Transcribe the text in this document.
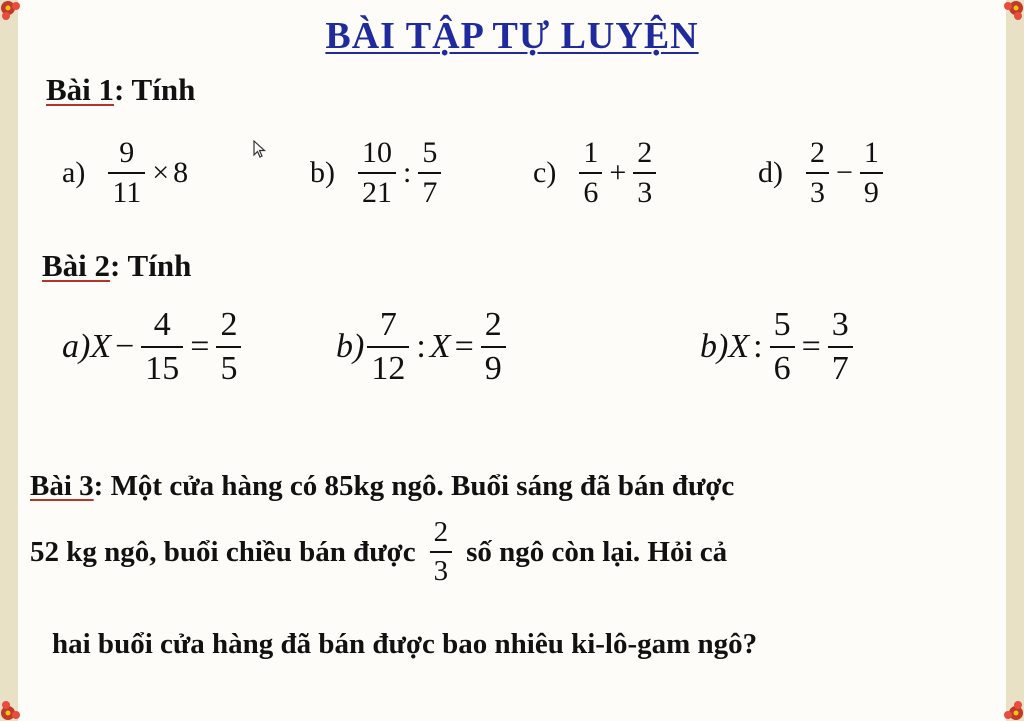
BÀI TẬP TỰ LUYỆN
Bài 1: Tính
$a) \frac{9}{11} \times 8$	$b) \frac{10}{21}$ : $\frac{5}{7}$	$c) \frac{1}{6} + \frac{2}{3}$	$d) \frac{2}{3} - \frac{1}{9}$
Bài 2: Tính
a) $X - \frac{4}{15} = \frac{2}{5}$	$b) \frac{7}{12}$ : $X = \frac{2}{9}$	b) X : $\frac{5}{6} = \frac{3}{7}$
Bài 3 : Một cửa hàng có 85kg ngô. Buổi sáng đã bán được
52 kg ngô, buổi chiều bán được $\frac{2}{3}$ số ngô còn lại. Hỏi cả
hai buổi cửa hàng đã bán được bao nhiêu ki-lô-gam ngô?
